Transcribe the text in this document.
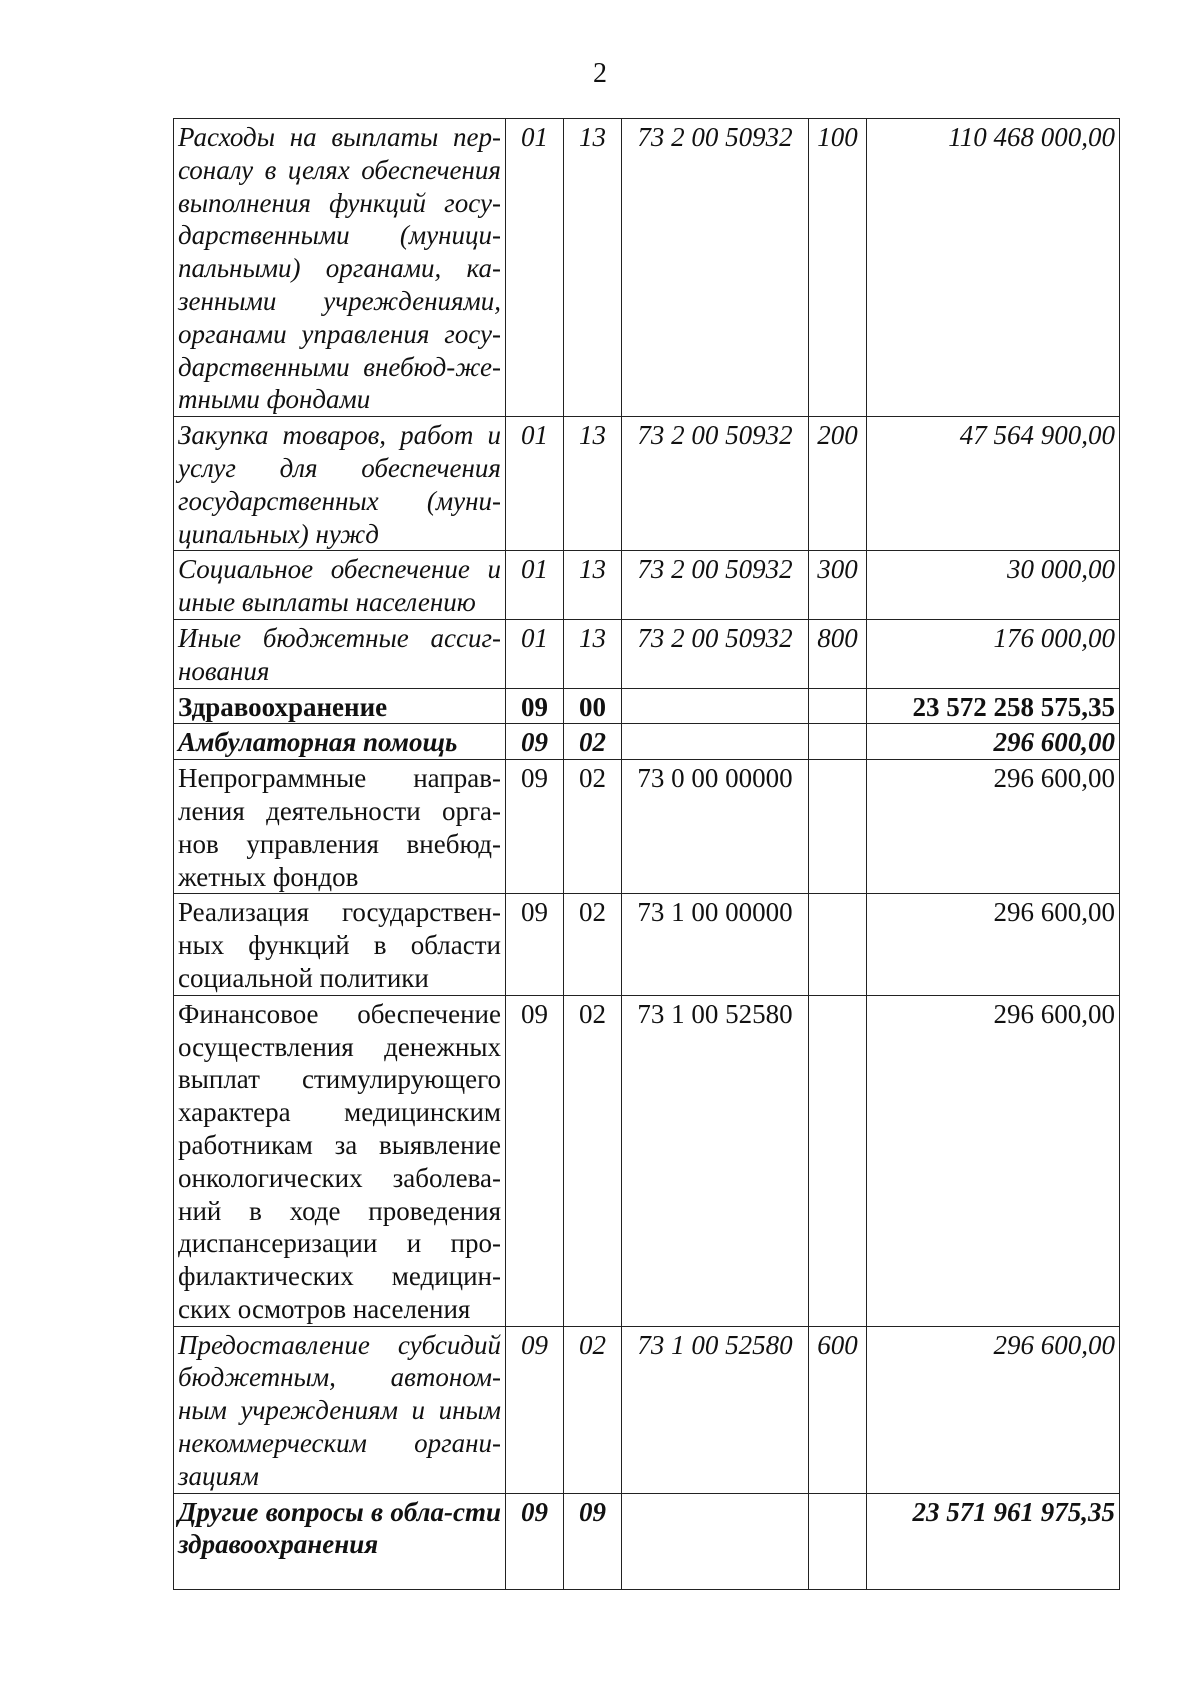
2
Расходы на выплаты пер-соналу в целях обеспечения выполнения функций госу-дарственными (муници-пальными) органами, ка-зенными учреждениями, органами управления госу-дарственными внебюд-жетными фондами	01	13	73 2 00 50932	100	110 468 000,00
Закупка товаров, работ и услуг для обеспечения государственных (муни-ципальных) нужд	01	13	73 2 00 50932	200	47 564 900,00
Социальное обеспечение и иные выплаты населению	01	13	73 2 00 50932	300	30 000,00
Иные бюджетные ассиг-нования	01	13	73 2 00 50932	800	176 000,00
Здравоохранение	09	00			23 572 258 575,35
Амбулаторная помощь	09	02			296 600,00
Непрограммные направ-ления деятельности орга-нов управления внебюд-жетных фондов	09	02	73 0 00 00000		296 600,00
Реализация государствен-ных функций в области социальной политики	09	02	73 1 00 00000		296 600,00
Финансовое обеспечение осуществления денежных выплат стимулирующего характера медицинским работникам за выявление онкологических заболева-ний в ходе проведения диспансеризации и про-филактических медицин-ских осмотров населения	09	02	73 1 00 52580		296 600,00
Предоставление субсидий бюджетным, автоном-ным учреждениям и иным некоммерческим органи-зациям	09	02	73 1 00 52580	600	296 600,00
Другие вопросы в обла-сти здравоохранения	09	09			23 571 961 975,35
